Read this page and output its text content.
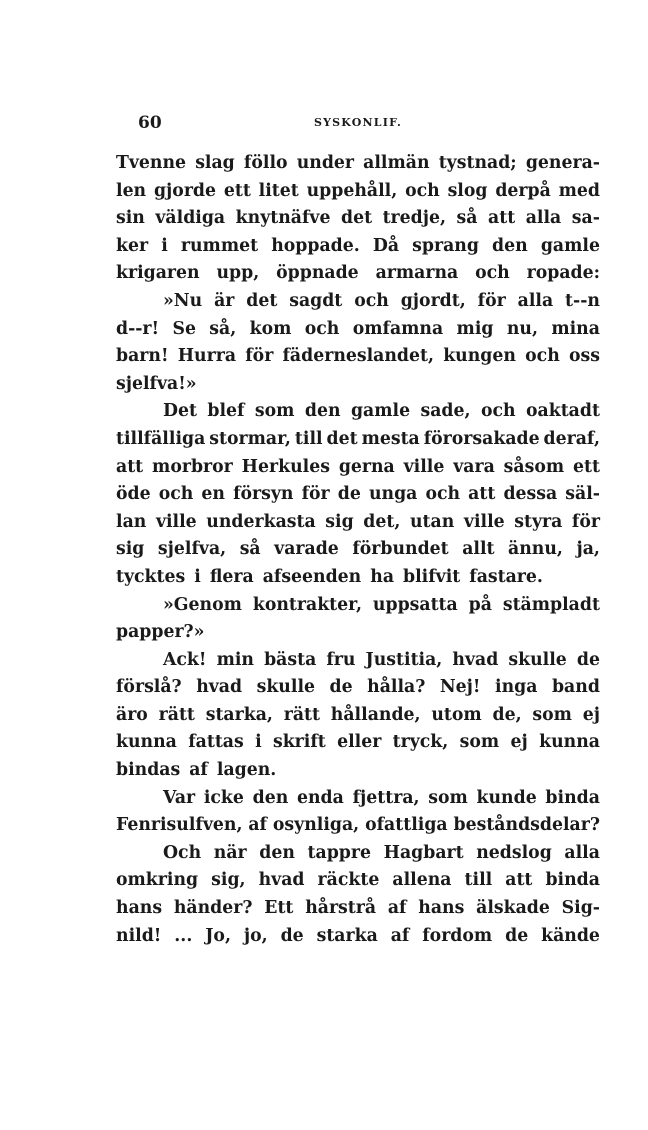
60	SYSKONLIF.
Tvenne slag föllo under allmän tystnad; genera-
len gjorde ett litet uppehåll, och slog derpå med
sin väldiga knytnäfve det tredje, så att alla sa-
ker i rummet hoppade. Då sprang den gamle
krigaren upp, öppnade armarna och ropade:
»Nu är det sagdt och gjordt, för alla t--n
d--r! Se så, kom och omfamna mig nu, mina
barn! Hurra för fäderneslandet, kungen och oss
sjelfva!»
Det blef som den gamle sade, och oaktadt
tillfälliga stormar, till det mesta förorsakade deraf,
att morbror Herkules gerna ville vara såsom ett
öde och en försyn för de unga och att dessa säl-
lan ville underkasta sig det, utan ville styra för
sig sjelfva, så varade förbundet allt ännu, ja,
tycktes i flera afseenden ha blifvit fastare.
»Genom kontrakter, uppsatta på stämpladt
papper?»
Ack! min bästa fru Justitia, hvad skulle de
förslå? hvad skulle de hålla? Nej! inga band
äro rätt starka, rätt hållande, utom de, som ej
kunna fattas i skrift eller tryck, som ej kunna
bindas af lagen.
Var icke den enda fjettra, som kunde binda
Fenrisulfven, af osynliga, ofattliga beståndsdelar?
Och när den tappre Hagbart nedslog alla
omkring sig, hvad räckte allena till att binda
hans händer? Ett hårstrå af hans älskade Sig-
nild! ... Jo, jo, de starka af fordom de kände
